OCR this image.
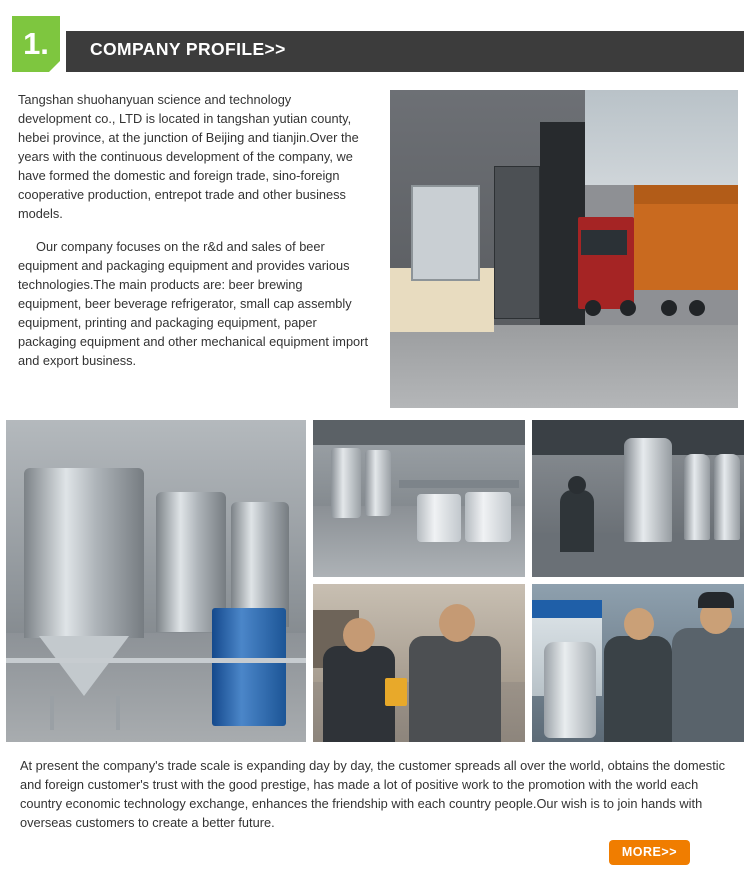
1.	COMPANY PROFILE>>

Tangshan shuohanyuan science and technology development co., LTD is located in tangshan yutian county, hebei province, at the junction of Beijing and tianjin.Over the years with the continuous development of the company, we have formed the domestic and foreign trade, sino-foreign cooperative production, entrepot trade and other business models.

Our company focuses on the r&d and sales of beer equipment and packaging equipment and provides various technologies.The main products are: beer brewing equipment, beer beverage refrigerator, small cap assembly equipment, printing and packaging equipment, paper packaging equipment and other mechanical equipment import and export business.

At present the company's trade scale is expanding day by day, the customer spreads all over the world, obtains the domestic and foreign customer's trust with the good prestige, has made a lot of positive work to the promotion with the world each country economic technology exchange, enhances the friendship with each country people.Our wish is to join hands with overseas customers to create a better future.
MORE>>
